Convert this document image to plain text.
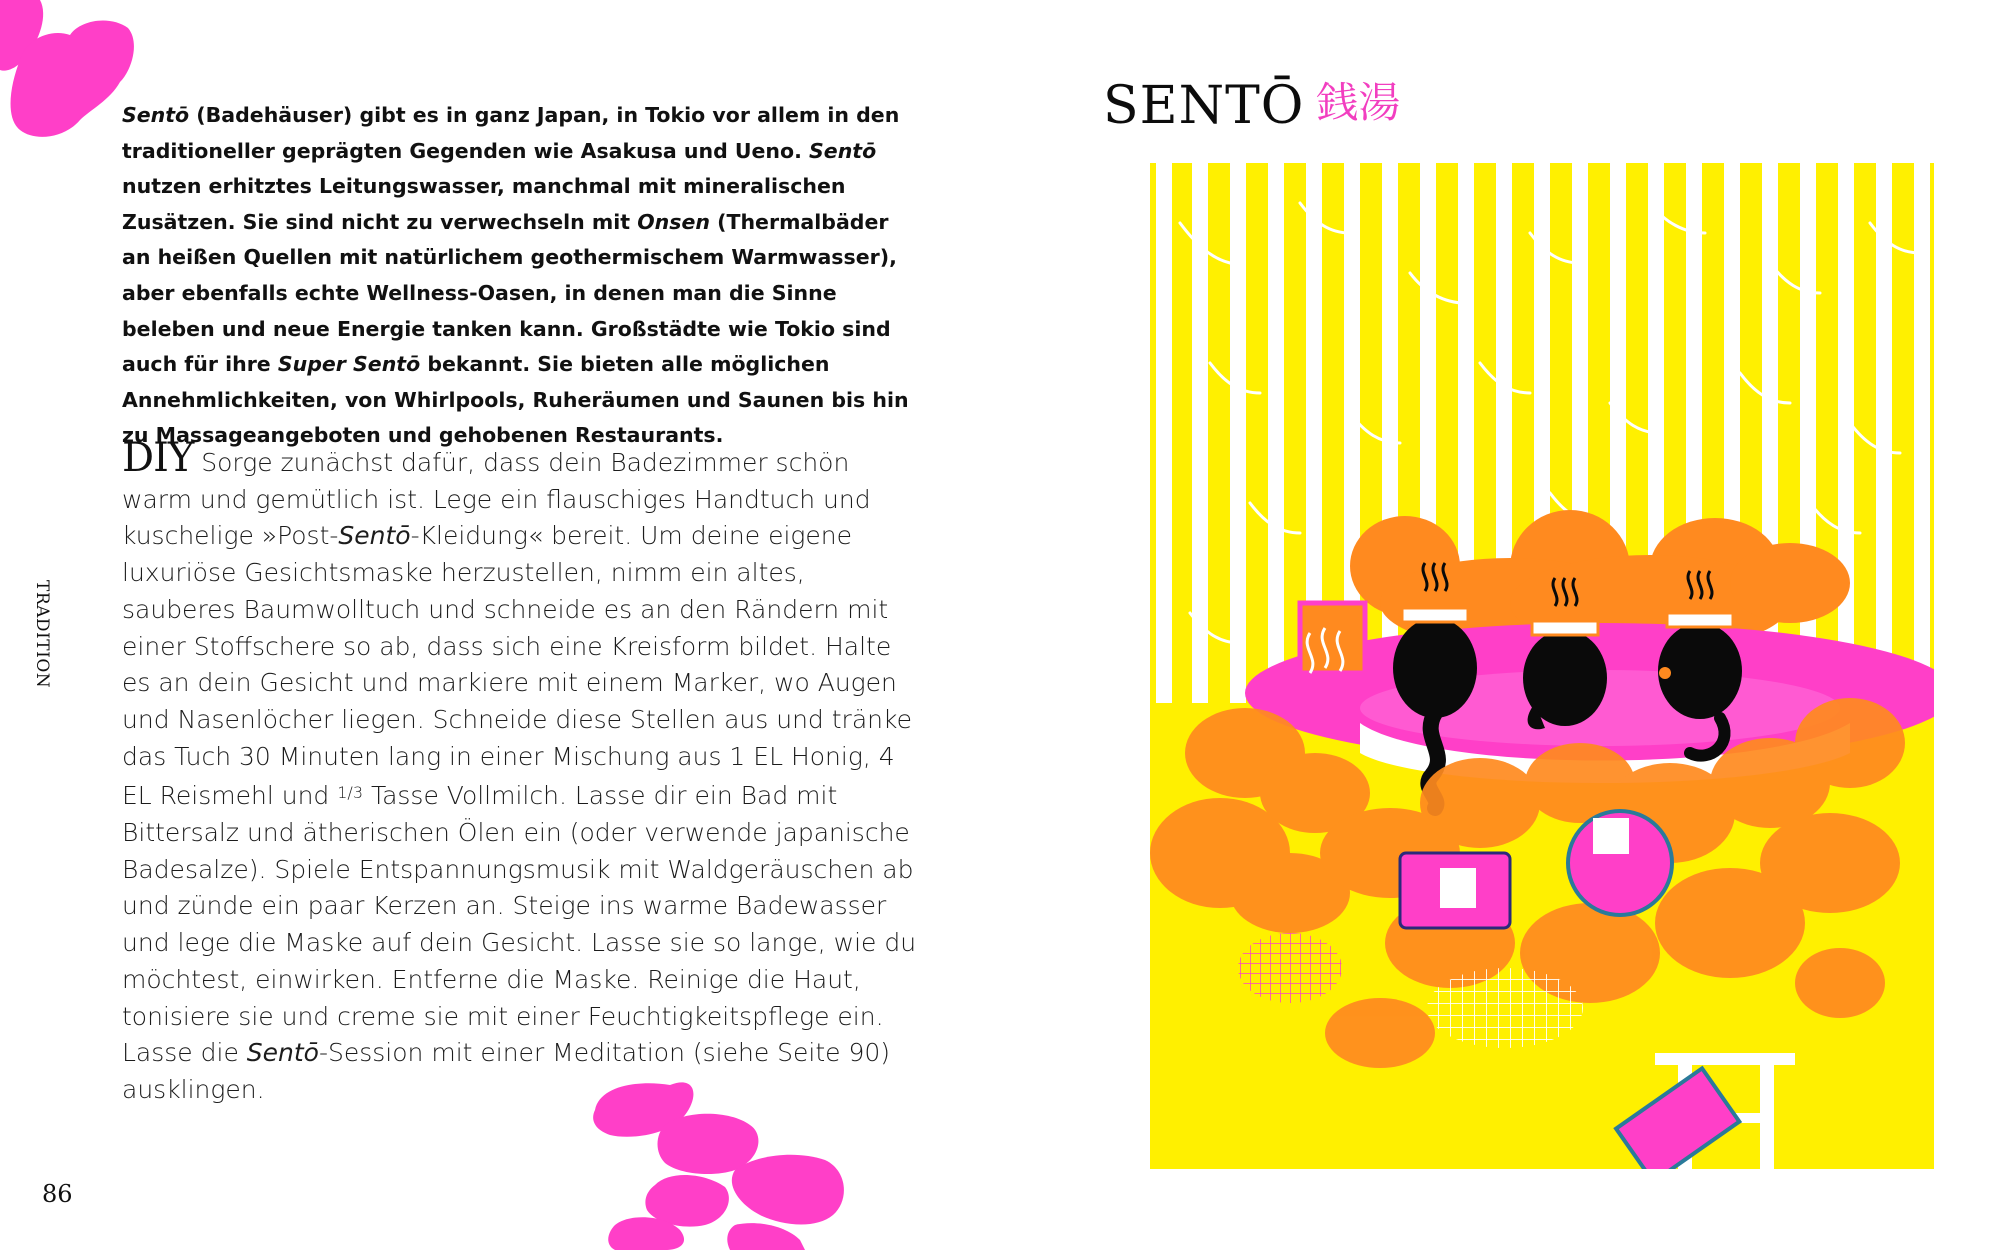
Sentō (Badehäuser) gibt es in ganz Japan, in Tokio vor allem in den traditioneller geprägten Gegenden wie Asakusa und Ueno. Sentō nutzen erhitztes Leitungswasser, manchmal mit mineralischen Zusätzen. Sie sind nicht zu verwechseln mit Onsen (Thermalbäder an heißen Quellen mit natürlichem geothermischem Warmwasser), aber ebenfalls echte Wellness-Oasen, in denen man die Sinne beleben und neue Energie tanken kann. Großstädte wie Tokio sind auch für ihre Super Sentō bekannt. Sie bieten alle möglichen Annehmlichkeiten, von Whirlpools, Ruheräumen und Saunen bis hin zu Massageangeboten und gehobenen Restaurants.

DIY Sorge zunächst dafür, dass dein Badezimmer schön warm und gemütlich ist. Lege ein flauschiges Handtuch und kuschelige »Post-Sentō-Kleidung« bereit. Um deine eigene luxuriöse Gesichtsmaske herzustellen, nimm ein altes, sauberes Baumwolltuch und schneide es an den Rändern mit einer Stoffschere so ab, dass sich eine Kreisform bildet. Halte es an dein Gesicht und markiere mit einem Marker, wo Augen und Nasenlöcher liegen. Schneide diese Stellen aus und tränke das Tuch 30 Minuten lang in einer Mischung aus 1 EL Honig, 4 EL Reismehl und $^{1/3}$ Tasse Vollmilch. Lasse dir ein Bad mit Bittersalz und ätherischen Ölen ein (oder verwende japanische Badesalze). Spiele Entspannungsmusik mit Waldgeräuschen ab und zünde ein paar Kerzen an. Steige ins warme Badewasser und lege die Maske auf dein Gesicht. Lasse sie so lange, wie du möchtest, einwirken. Entferne die Maske. Reinige die Haut, tonisiere sie und creme sie mit einer Feuchtigkeitspflege ein. Lasse die Sentō-Session mit einer Meditation (siehe Seite 90) ausklingen.

TRADITION
86
SENTŌ 銭湯
